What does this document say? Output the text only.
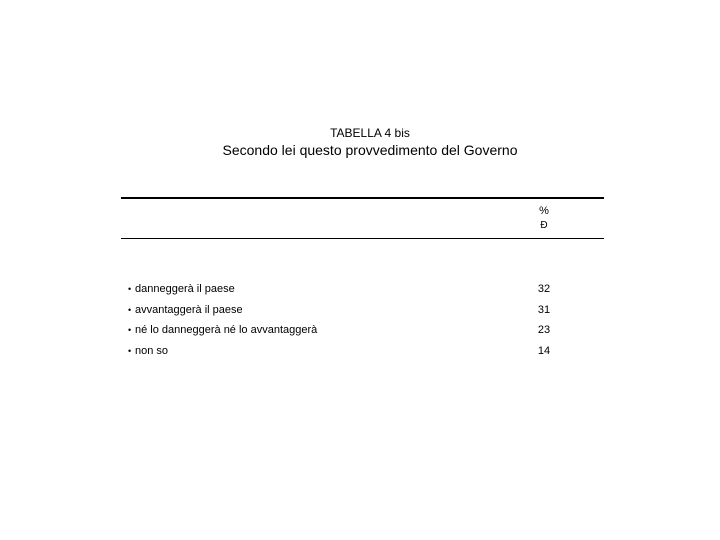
TABELLA 4 bis
Secondo lei questo provvedimento del Governo
%
Ð
• danneggerà il paese	32
• avvantaggerà il paese	31
• né lo danneggerà né lo avvantaggerà	23
• non so	14
